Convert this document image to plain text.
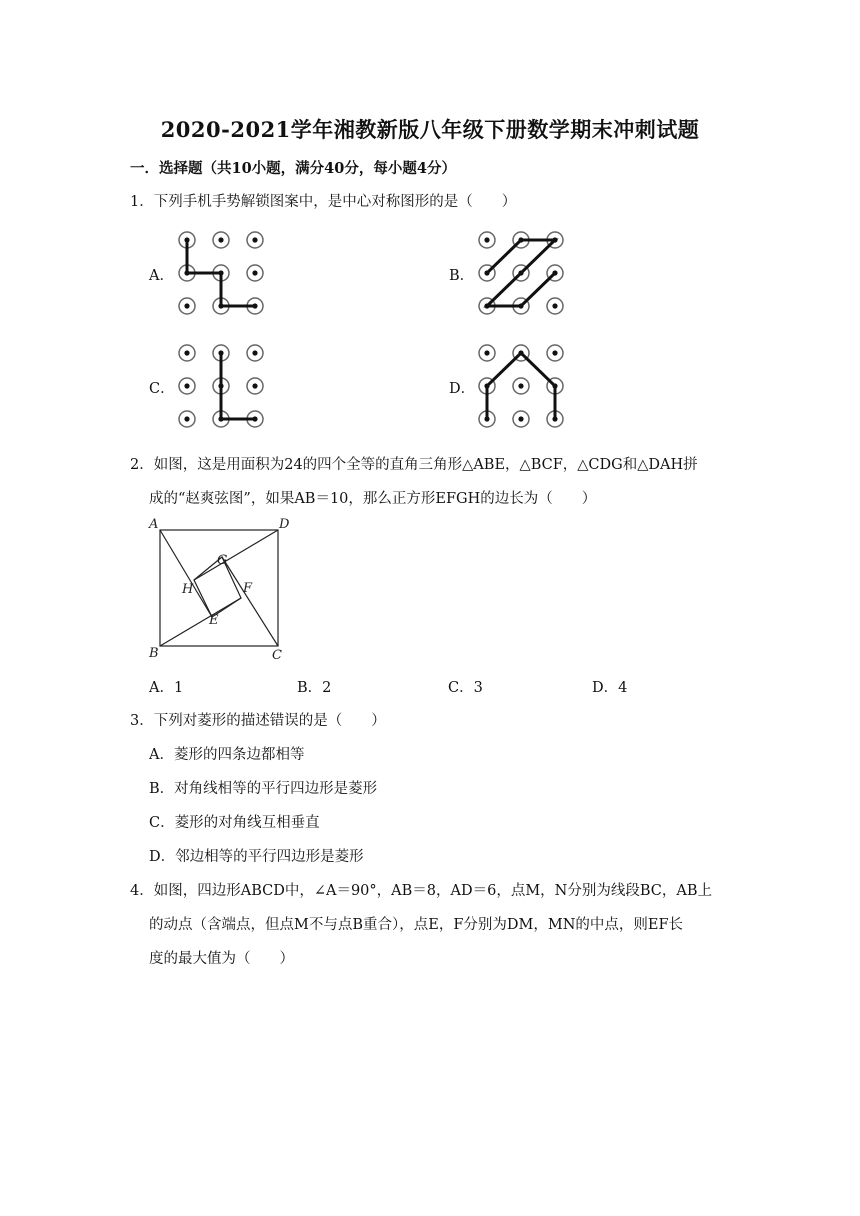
2020-2021学年湘教新版八年级下册数学期末冲刺试题
一．选择题（共10小题，满分40分，每小题4分）
1．下列手机手势解锁图案中，是中心对称图形的是（　　）
A．	B．
C．	D．
2．如图，这是用面积为24的四个全等的直角三角形△ABE，△BCF，△CDG和△DAH拼
成的“赵爽弦图”，如果AB＝10，那么正方形EFGH的边长为（　　）
A	D
G
H	F
E
B	C
A．1	B．2	C．3	D．4
3．下列对菱形的描述错误的是（　　）
A．菱形的四条边都相等
B．对角线相等的平行四边形是菱形
C．菱形的对角线互相垂直
D．邻边相等的平行四边形是菱形
4．如图，四边形ABCD中，∠A＝90°，AB＝8，AD＝6，点M，N分别为线段BC，AB上
的动点（含端点，但点M不与点B重合），点E，F分别为DM，MN的中点，则EF长
度的最大值为（　　）
